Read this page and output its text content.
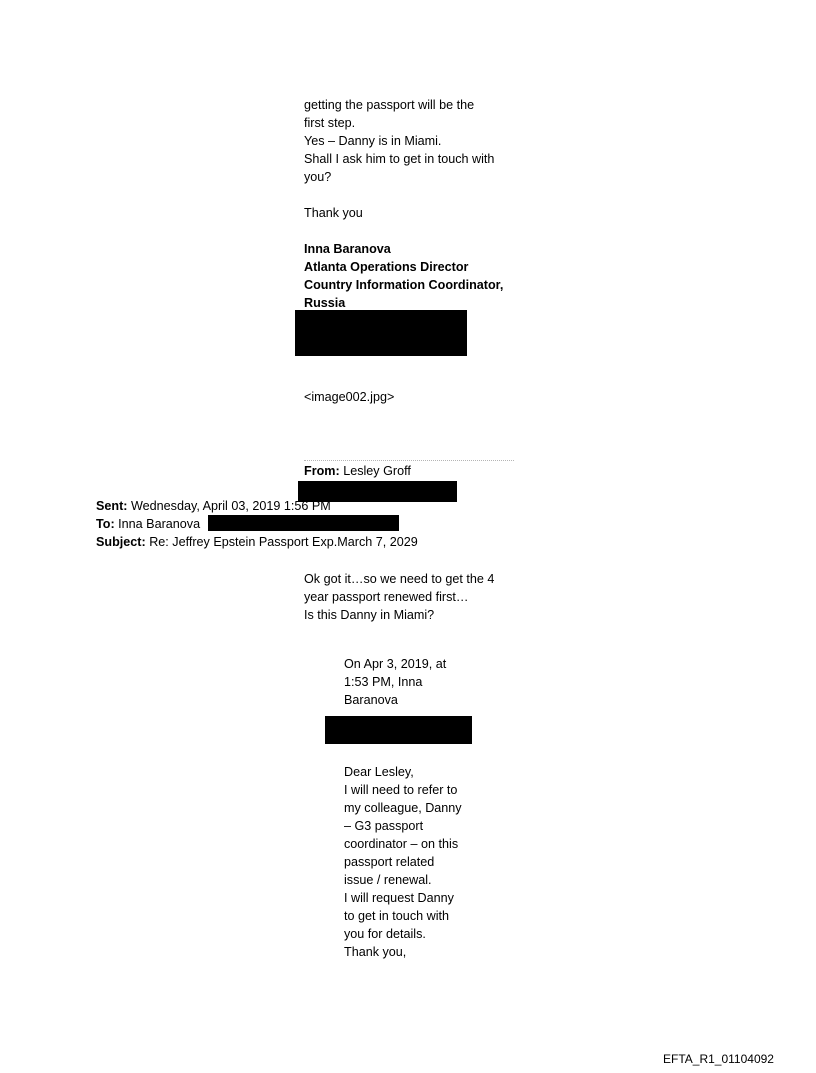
getting the passport will be the
first step.
Yes – Danny is in Miami.
Shall I ask him to get in touch with
you?
Thank you
Inna Baranova
Atlanta Operations Director
Country Information Coordinator,
Russia
<image002.jpg>
From: Lesley Groff
Sent: Wednesday, April 03, 2019 1:56 PM
To: Inna Baranova
Subject: Re: Jeffrey Epstein Passport Exp.March 7, 2029
Ok got it…so we need to get the 4
year passport renewed first…
Is this Danny in Miami?
On Apr 3, 2019, at
1:53 PM, Inna
Baranova
Dear Lesley,
I will need to refer to
my colleague, Danny
– G3 passport
coordinator – on this
passport related
issue / renewal.
I will request Danny
to get in touch with
you for details.
Thank you,
EFTA_R1_01104092
